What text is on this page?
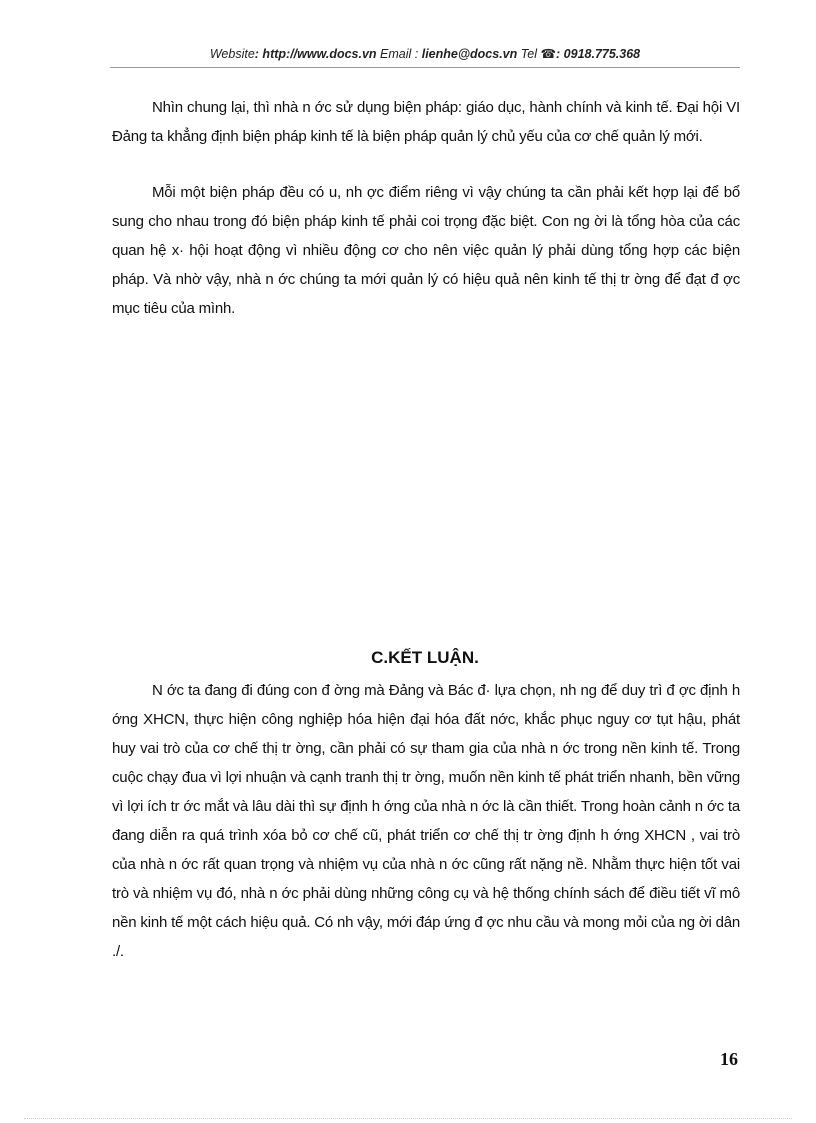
Website: http://www.docs.vn Email : lienhe@docs.vn Tel ☎: 0918.775.368

Nhìn chung lại, thì nhà n ớc sử dụng biện pháp: giáo dục, hành chính và kinh tế. Đại hội VI Đảng ta khẳng định biện pháp kinh tế là biện pháp quản lý chủ yếu của cơ chế quản lý mới.

Mỗi một biện pháp đều có u, nh ợc điểm riêng vì vậy chúng ta cần phải kết hợp lại để bổ sung cho nhau trong đó biện pháp kinh tế phải coi trọng đặc biệt. Con ng ời là tổng hòa của các quan hệ x· hội hoạt động vì nhiều động cơ cho nên việc quản lý phải dùng tổng hợp các biện pháp. Và nhờ vậy, nhà n ớc chúng ta mới quản lý có hiệu quả nên kinh tế thị tr ờng để đạt đ ợc mục tiêu của mình.

C.KẾT LUẬN.

N ớc ta đang đi đúng con đ ờng mà Đảng và Bác đ· lựa chọn, nh ng để duy trì đ ợc định h ớng XHCN, thực hiện công nghiệp hóa hiện đại hóa đất nớc, khắc phục nguy cơ tụt hậu, phát huy vai trò của cơ chế thị tr ờng, cần phải có sự tham gia của nhà n ớc trong nền kinh tế. Trong cuộc chạy đua vì lợi nhuận và cạnh tranh thị tr ờng, muốn nền kinh tế phát triển nhanh, bền vững vì lợi ích tr ớc mắt và lâu dài thì sự định h ớng của nhà n ớc là cần thiết. Trong hoàn cảnh n ớc ta đang diễn ra quá trình xóa bỏ cơ chế cũ, phát triển cơ chế thị tr ờng định h ớng XHCN , vai trò của nhà n ớc rất quan trọng và nhiệm vụ của nhà n ớc cũng rất nặng nề. Nhằm thực hiện tốt vai trò và nhiệm vụ đó, nhà n ớc phải dùng những công cụ và hệ thống chính sách để điều tiết vĩ mô nền kinh tế một cách hiệu quả. Có nh vậy, mới đáp ứng đ ợc nhu cầu và mong mỏi của ng ời dân ./.

16
